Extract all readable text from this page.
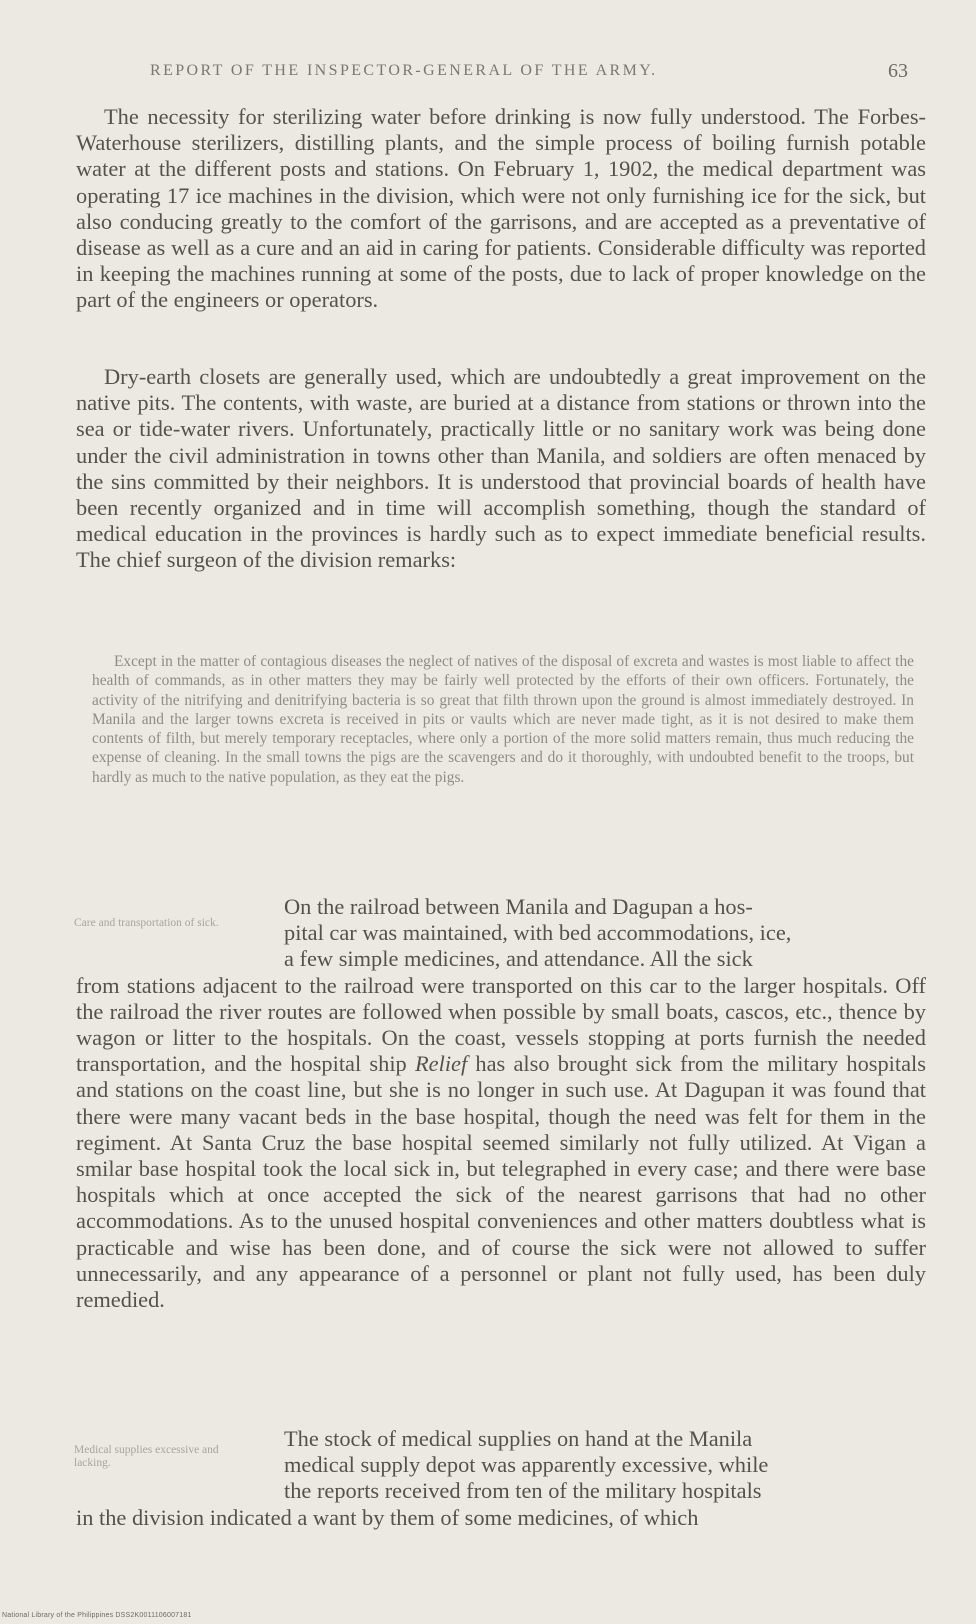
REPORT OF THE INSPECTOR-GENERAL OF THE ARMY.	63

The necessity for sterilizing water before drinking is now fully understood. The Forbes-Waterhouse sterilizers, distilling plants, and the simple process of boiling furnish potable water at the different posts and stations. On February 1, 1902, the medical department was operating 17 ice machines in the division, which were not only furnishing ice for the sick, but also conducing greatly to the comfort of the garrisons, and are accepted as a preventative of disease as well as a cure and an aid in caring for patients. Considerable difficulty was reported in keeping the machines running at some of the posts, due to lack of proper knowledge on the part of the engineers or operators.

Dry-earth closets are generally used, which are undoubtedly a great improvement on the native pits. The contents, with waste, are buried at a distance from stations or thrown into the sea or tide-water rivers. Unfortunately, practically little or no sanitary work was being done under the civil administration in towns other than Manila, and soldiers are often menaced by the sins committed by their neighbors. It is understood that provincial boards of health have been recently organized and in time will accomplish something, though the standard of medical education in the provinces is hardly such as to expect immediate beneficial results. The chief surgeon of the division remarks:

Except in the matter of contagious diseases the neglect of natives of the disposal of excreta and wastes is most liable to affect the health of commands, as in other matters they may be fairly well protected by the efforts of their own officers. Fortunately, the activity of the nitrifying and denitrifying bacteria is so great that filth thrown upon the ground is almost immediately destroyed. In Manila and the larger towns excreta is received in pits or vaults which are never made tight, as it is not desired to make them contents of filth, but merely temporary receptacles, where only a portion of the more solid matters remain, thus much reducing the expense of cleaning. In the small towns the pigs are the scavengers and do it thoroughly, with undoubted benefit to the troops, but hardly as much to the native population, as they eat the pigs.

Care and transportation of sick.

On the railroad between Manila and Dagupan a hos-
pital car was maintained, with bed accommodations, ice,
a few simple medicines, and attendance. All the sick

from stations adjacent to the railroad were transported on this car to the larger hospitals. Off the railroad the river routes are followed when possible by small boats, cascos, etc., thence by wagon or litter to the hospitals. On the coast, vessels stopping at ports furnish the needed transportation, and the hospital ship Relief has also brought sick from the military hospitals and stations on the coast line, but she is no longer in such use. At Dagupan it was found that there were many vacant beds in the base hospital, though the need was felt for them in the regiment. At Santa Cruz the base hospital seemed similarly not fully utilized. At Vigan a smilar base hospital took the local sick in, but telegraphed in every case; and there were base hospitals which at once accepted the sick of the nearest garrisons that had no other accommodations. As to the unused hospital conveniences and other matters doubtless what is practicable and wise has been done, and of course the sick were not allowed to suffer unnecessarily, and any appearance of a personnel or plant not fully used, has been duly remedied.

Medical supplies excessive and lacking.

The stock of medical supplies on hand at the Manila
medical supply depot was apparently excessive, while
the reports received from ten of the military hospitals
in the division indicated a want by them of some medicines, of which

National Library of the Philippines DSS2K0011106007181
